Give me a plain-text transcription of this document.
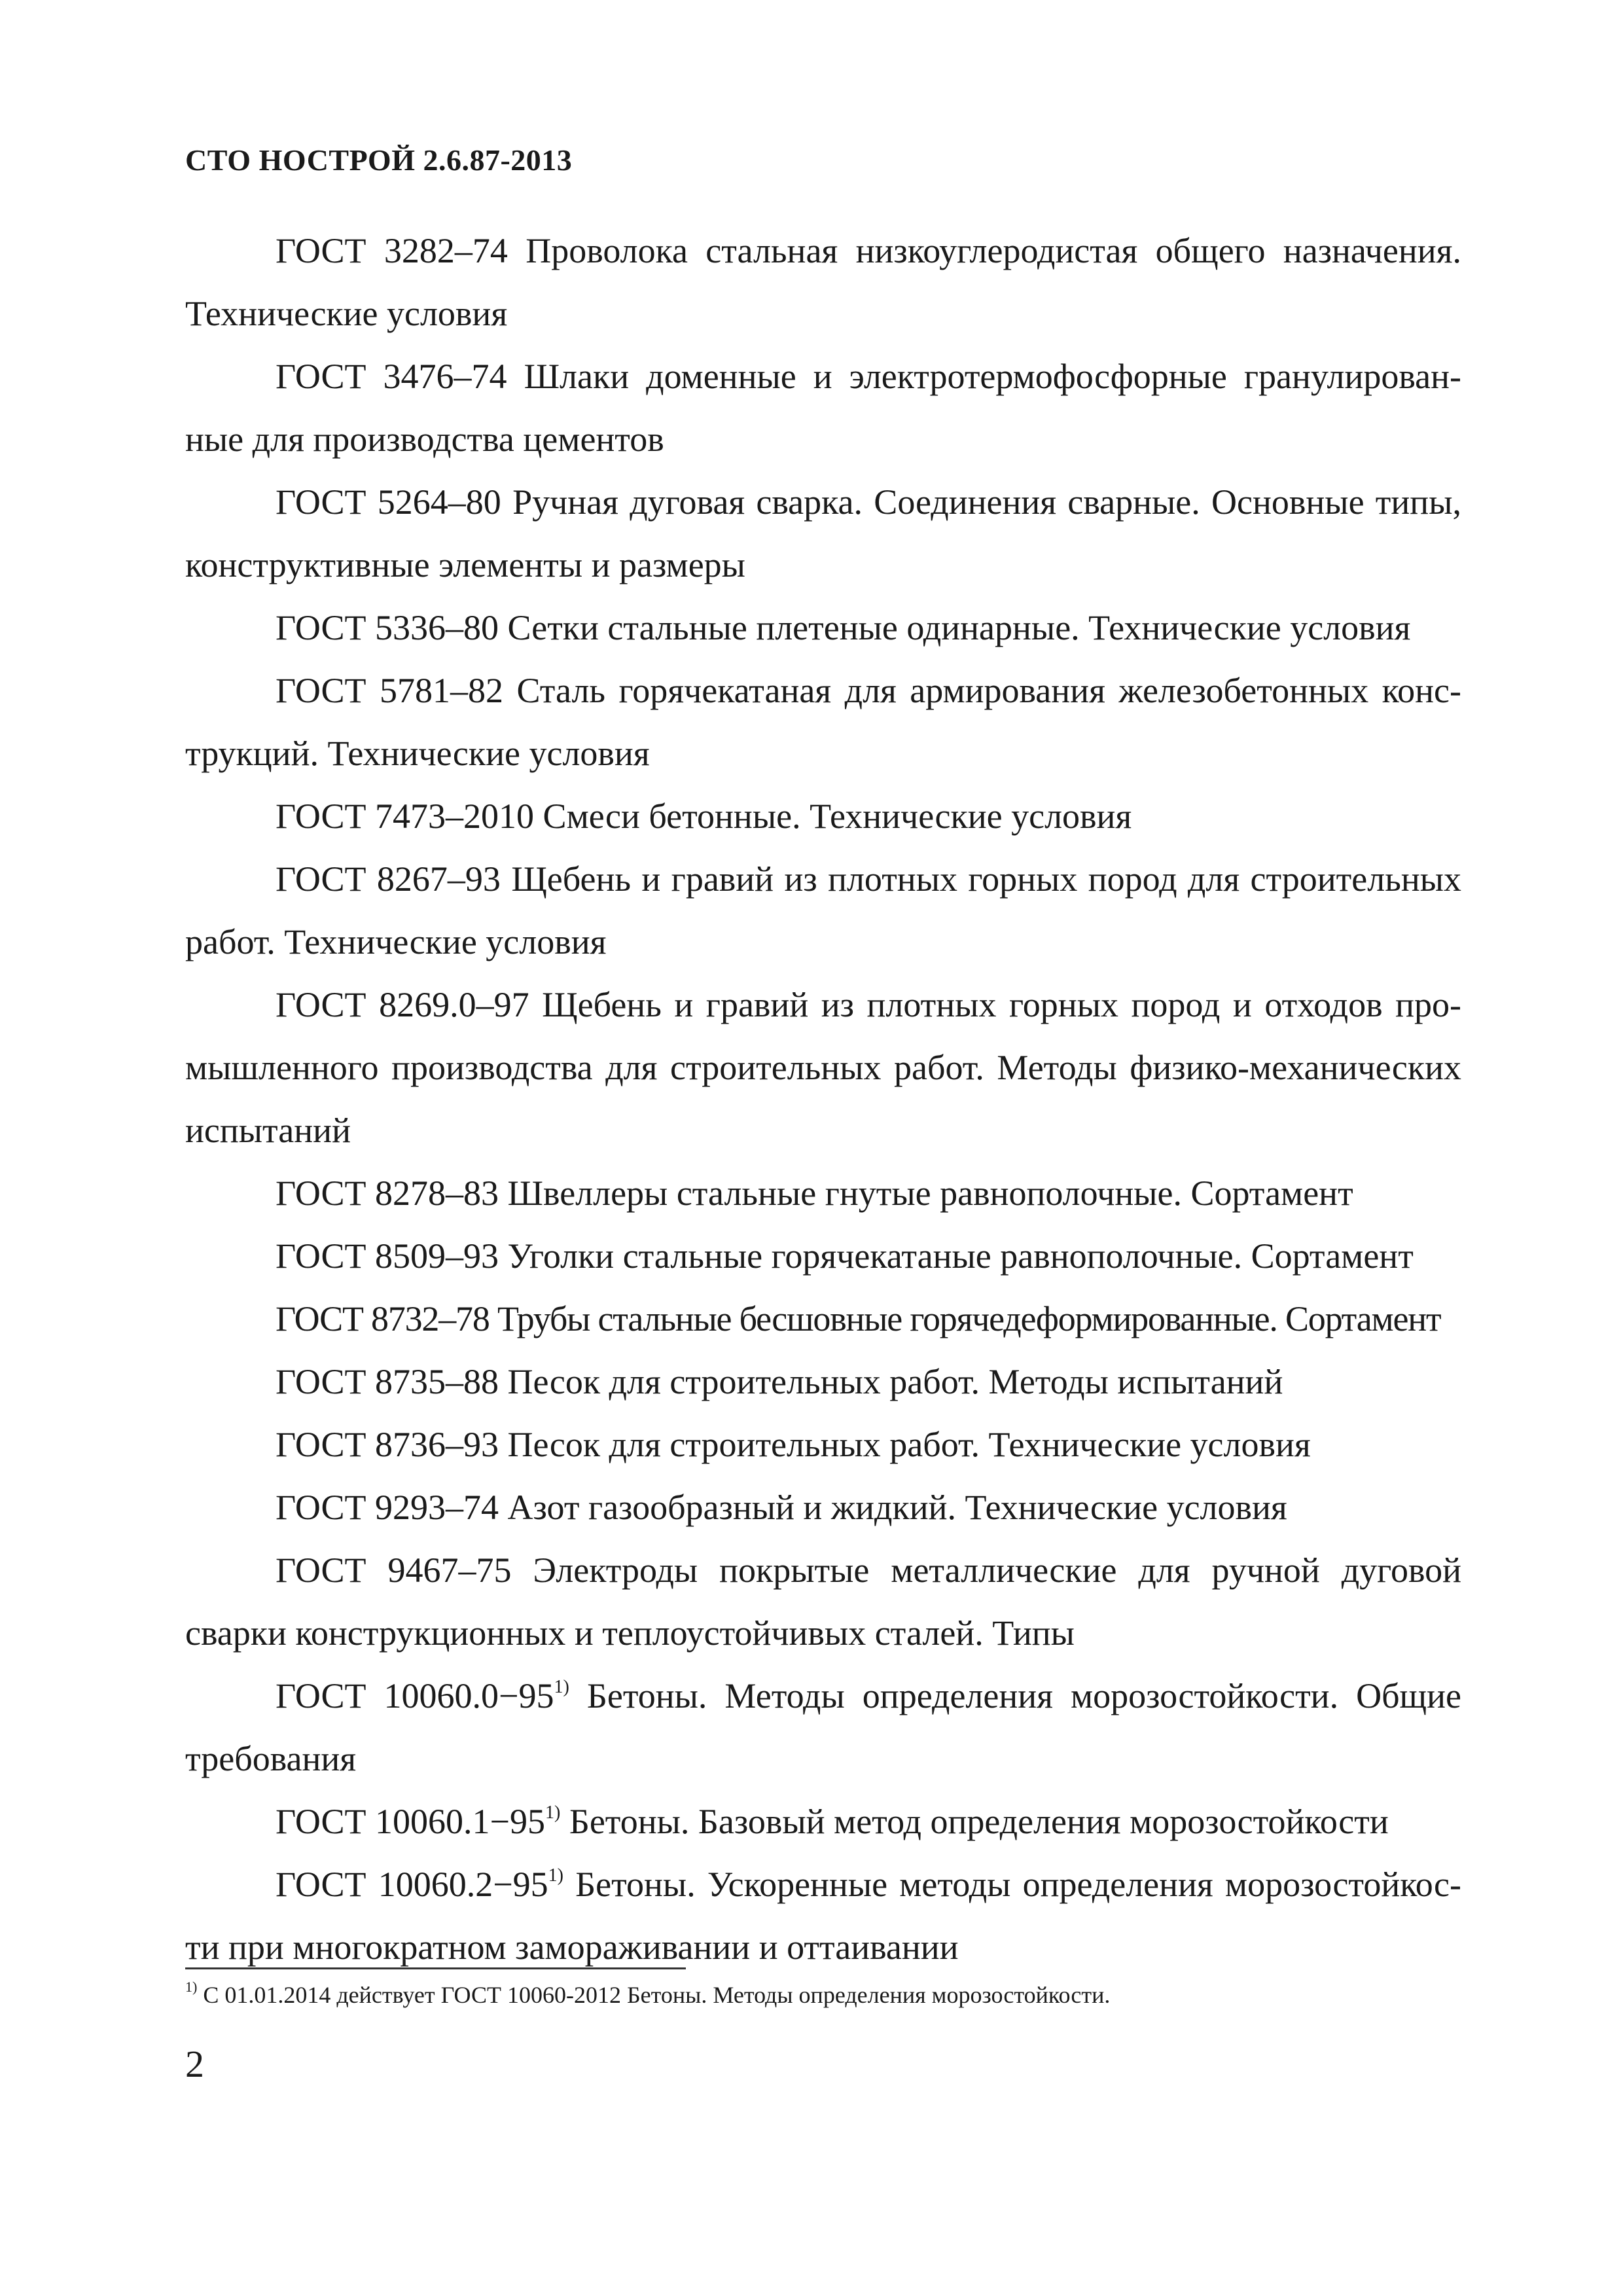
СТО НОСТРОЙ 2.6.87-2013
ГОСТ 3282–74 Проволока стальная низкоуглеродистая общего назначения. Технические условия
ГОСТ 3476–74 Шлаки доменные и электротермофосфорные гранулирован-ные для производства цементов
ГОСТ 5264–80 Ручная дуговая сварка. Соединения сварные. Основные типы, конструктивные элементы и размеры
ГОСТ 5336–80 Сетки стальные плетеные одинарные. Технические условия
ГОСТ 5781–82 Сталь горячекатаная для армирования железобетонных конс-трукций. Технические условия
ГОСТ 7473–2010 Смеси бетонные. Технические условия
ГОСТ 8267–93 Щебень и гравий из плотных горных пород для строительных работ. Технические условия
ГОСТ 8269.0–97 Щебень и гравий из плотных горных пород и отходов про-мышленного производства для строительных работ. Методы физико-механических испытаний
ГОСТ 8278–83 Швеллеры стальные гнутые равнополочные. Сортамент
ГОСТ 8509–93 Уголки стальные горячекатаные равнополочные. Сортамент
ГОСТ 8732–78 Трубы стальные бесшовные горячедеформированные. Сортамент
ГОСТ 8735–88 Песок для строительных работ. Методы испытаний
ГОСТ 8736–93 Песок для строительных работ. Технические условия
ГОСТ 9293–74 Азот газообразный и жидкий. Технические условия
ГОСТ 9467–75 Электроды покрытые металлические для ручной дуговой сварки конструкционных и теплоустойчивых сталей. Типы
ГОСТ $10060.0-95^{1)}$ Бетоны. Методы определения морозостойкости. Общие требования
ГОСТ $10060.1-95^{1)}$ Бетоны. Базовый метод определения морозостойкости
ГОСТ $10060.2-95^{1)}$ Бетоны. Ускоренные методы определения морозостойкос-ти при многократном замораживании и оттаивании
$^{1)}$ С 01.01.2014 действует ГОСТ 10060-2012 Бетоны. Методы определения морозостойкости.
2
